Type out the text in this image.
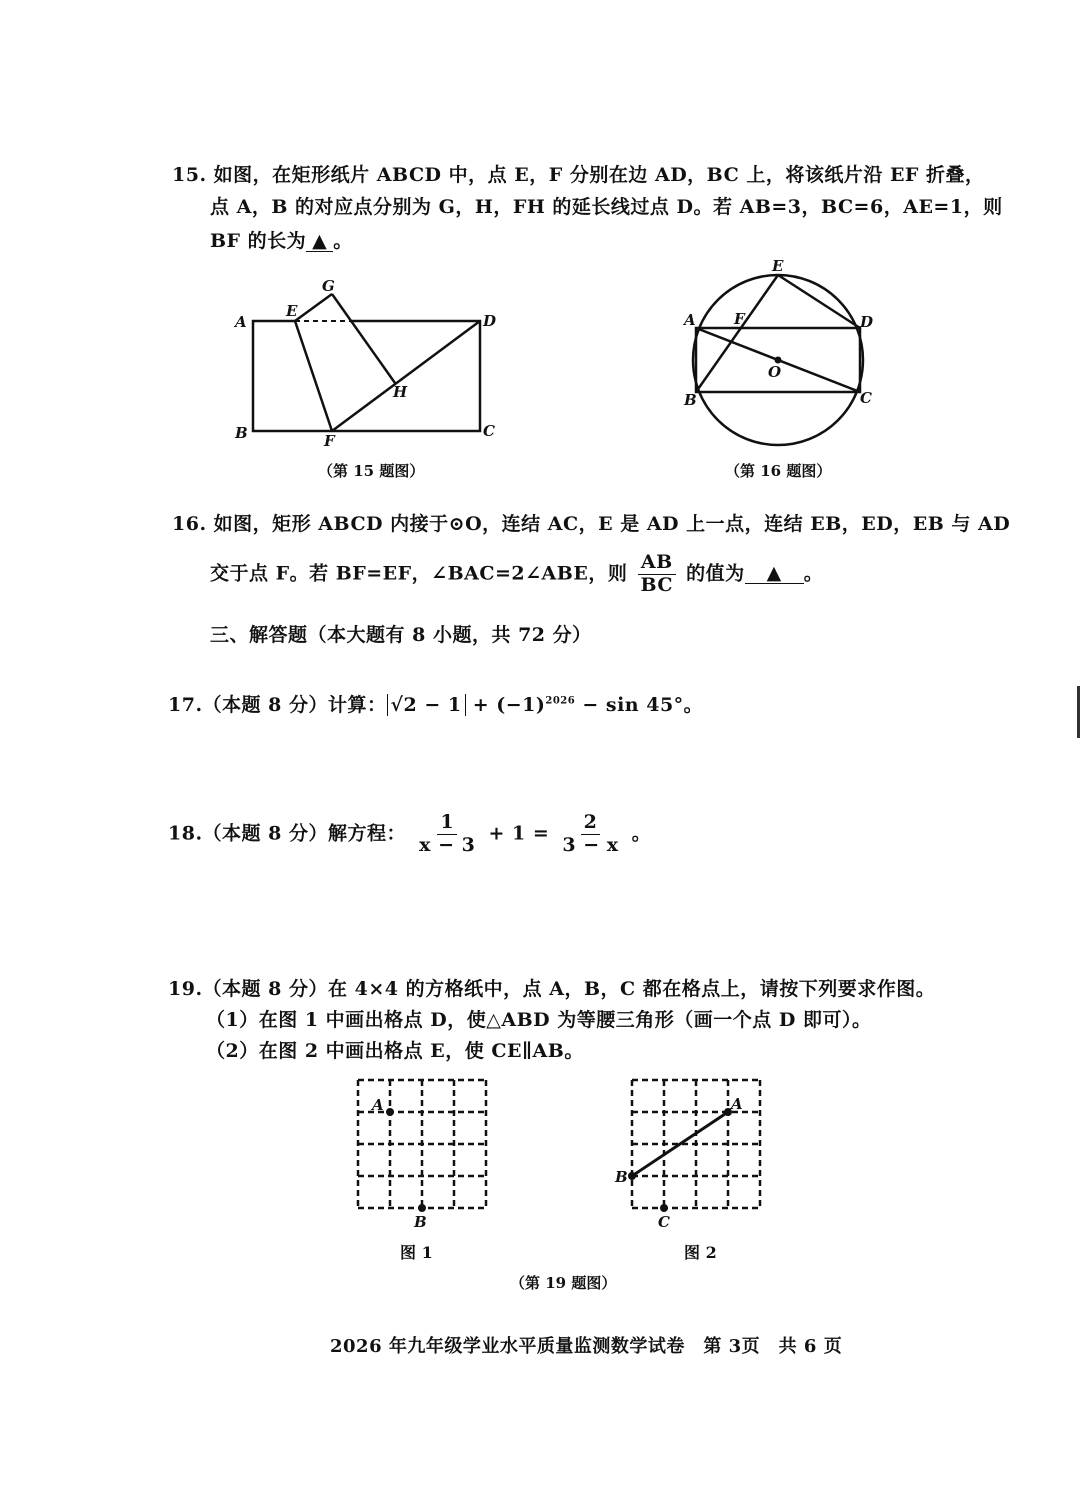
15. 如图，在矩形纸片 ABCD 中，点 E，F 分别在边 AD，BC 上，将该纸片沿 EF 折叠，
点 A，B 的对应点分别为 G，H，FH 的延长线过点 D。若 AB=3，BC=6，AE=1，则
BF 的长为 ▲ 。
A
B	C
D
E
F
G
H
（第 15 题图）
A
B	C
D
E
F
O
（第 16 题图）
16. 如图，矩形 ABCD 内接于⊙O，连结 AC，E 是 AD 上一点，连结 EB，ED，EB 与 AD
交于点 F。若 BF=EF，∠BAC=2∠ABE，则 $\frac{AB}{BC}$ 的值为 ▲ 。
三、解答题（本大题有 8 小题，共 72 分）
17.（本题 8 分）计算： $√2 - 1 + (-1)^{2026} - \sin 45^\circ$。
18.（本题 8 分）解方程： $\frac{1}{x - 3} + 1 = \frac{2}{3 - x}$ 。
19.（本题 8 分）在 4×4 的方格纸中，点 A，B，C 都在格点上，请按下列要求作图。
（1）在图 1 中画出格点 D，使△ABD 为等腰三角形（画一个点 D 即可）。
（2）在图 2 中画出格点 E，使 CE∥AB。
A
B
图 1
A
B
C
图 2
（第 19 题图）
2026 年九年级学业水平质量监测数学试卷　第 3页　共 6 页
